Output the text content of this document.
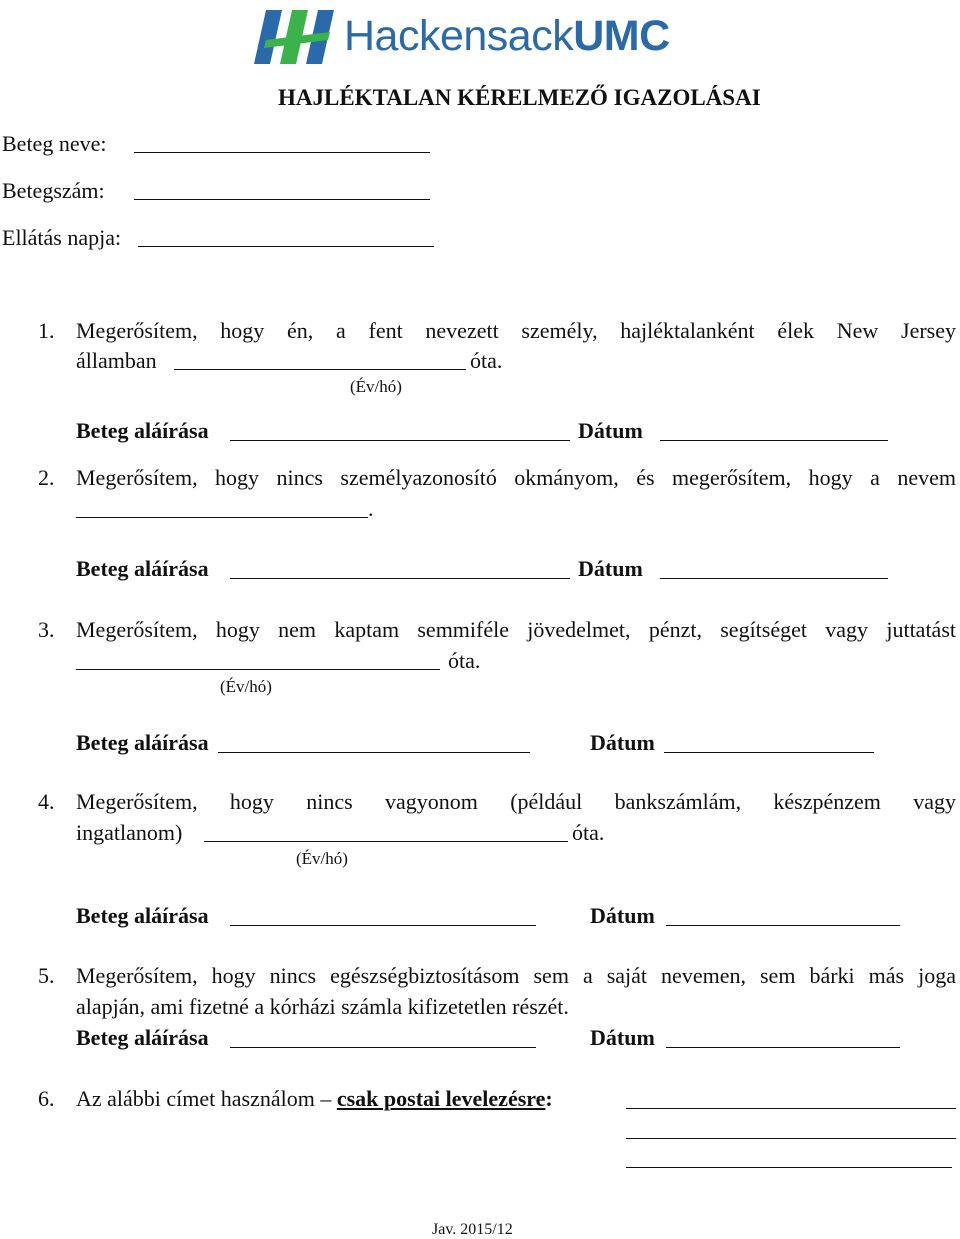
HackensackUMC
HAJLÉKTALAN KÉRELMEZŐ IGAZOLÁSAI
Beteg neve:
Betegszám:
Ellátás napja:
1. Megerősítem, hogy én, a fent nevezett személy, hajléktalanként élek New Jersey
államban	óta.
(Év/hó)
Beteg aláírása	Dátum
2. Megerősítem, hogy nincs személyazonosító okmányom, és megerősítem, hogy a nevem
.
Beteg aláírása	Dátum
3. Megerősítem, hogy nem kaptam semmiféle jövedelmet, pénzt, segítséget vagy juttatást
óta.
(Év/hó)
Beteg aláírása	Dátum
4. Megerősítem, hogy nincs vagyonom (például bankszámlám, készpénzem vagy
ingatlanom)	óta.
(Év/hó)
Beteg aláírása	Dátum
5. Megerősítem, hogy nincs egészségbiztosításom sem a saját nevemen, sem bárki más joga
alapján, ami fizetné a kórházi számla kifizetetlen részét.
Beteg aláírása	Dátum
6. Az alábbi címet használom – csak postai levelezésre:
Jav. 2015/12
